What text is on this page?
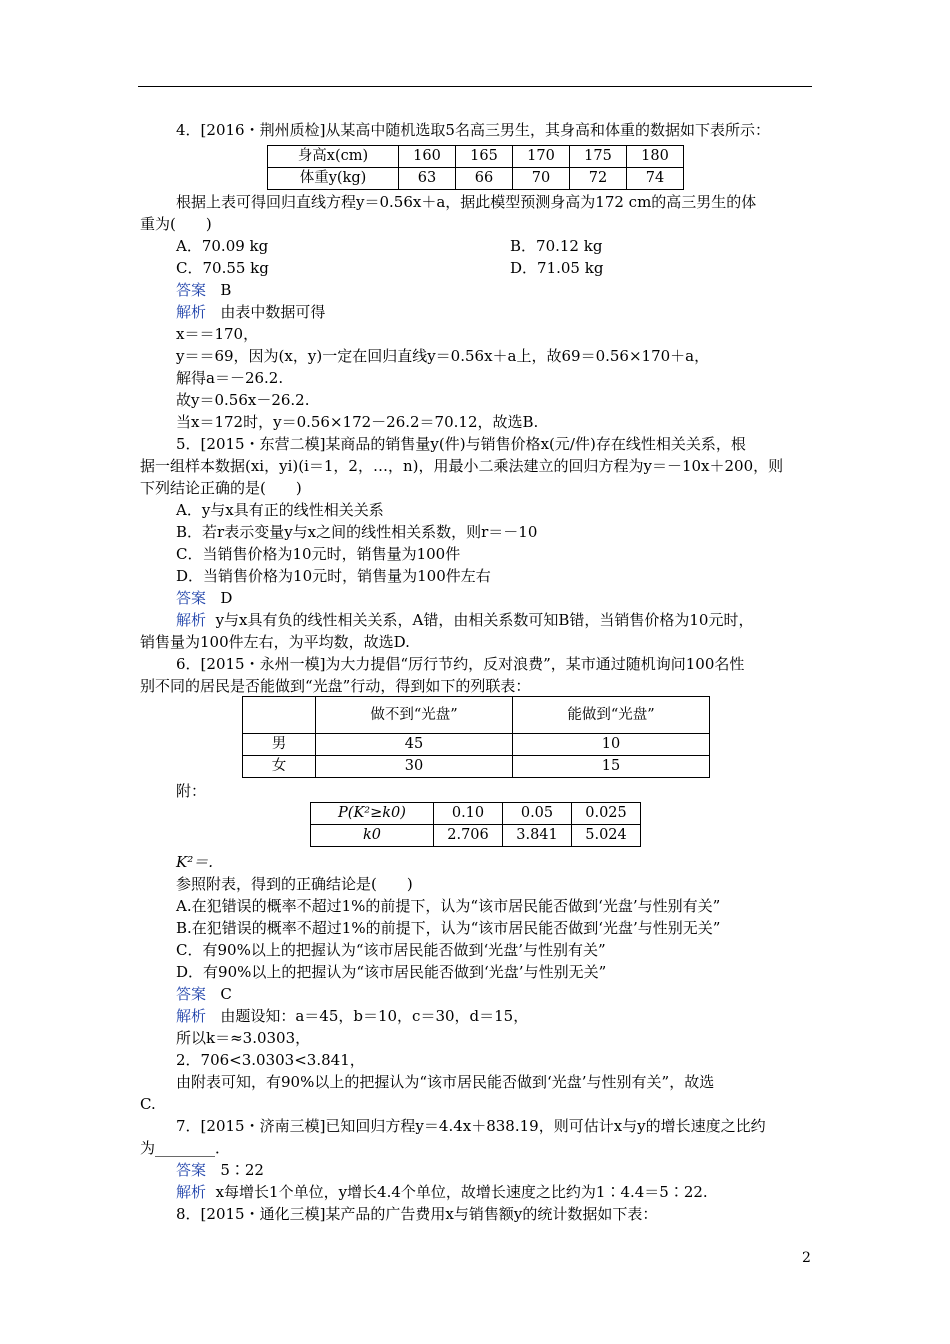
4．[2016・荆州质检]从某高中随机选取5名高三男生，其身高和体重的数据如下表所示：
身高x(cm)	160	165	170	175	180
体重y(kg)	63	66	70	72	74
根据上表可得回归直线方程y＝0.56x＋a，据此模型预测身高为172 cm的高三男生的体
重为(　　)
A．70.09 kg	B．70.12 kg
C．70.55 kg	D．71.05 kg
答案 B
解析 由表中数据可得
x＝＝170，
y＝＝69，因为(x，y)一定在回归直线y＝0.56x＋a上，故69＝0.56×170＋a，
解得a＝－26.2.
故y＝0.56x－26.2.
当x＝172时，y＝0.56×172－26.2＝70.12，故选B.
5．[2015・东营二模]某商品的销售量y(件)与销售价格x(元/件)存在线性相关关系，根
据一组样本数据(xi，yi)(i＝1，2，…，n)，用最小二乘法建立的回归方程为y＝－10x＋200，则
下列结论正确的是(　　)
A．y与x具有正的线性相关关系
B．若r表示变量y与x之间的线性相关系数，则r＝－10
C．当销售价格为10元时，销售量为100件
D．当销售价格为10元时，销售量为100件左右
答案 D
解析 y与x具有负的线性相关关系，A错，由相关系数可知B错，当销售价格为10元时，
销售量为100件左右，为平均数，故选D.
6．[2015・永州一模]为大力提倡“厉行节约，反对浪费”，某市通过随机询问100名性
别不同的居民是否能做到“光盘”行动，得到如下的列联表：
	做不到“光盘”	能做到“光盘”
男	45	10
女	30	15
附：
P(K²≥k0)	0.10	0.05	0.025
k0	2.706	3.841	5.024
K²＝.
参照附表，得到的正确结论是(　　)
A.在犯错误的概率不超过1%的前提下，认为“该市居民能否做到‘光盘’与性别有关”
B.在犯错误的概率不超过1%的前提下，认为“该市居民能否做到‘光盘’与性别无关”
C．有90%以上的把握认为“该市居民能否做到‘光盘’与性别有关”
D．有90%以上的把握认为“该市居民能否做到‘光盘’与性别无关”
答案 C
解析 由题设知：a＝45，b＝10，c＝30，d＝15，
所以k＝≈3.0303，
2．706<3.0303<3.841，
由附表可知，有90%以上的把握认为“该市居民能否做到‘光盘’与性别有关”，故选
C.
7．[2015・济南三模]已知回归方程y＝4.4x＋838.19，则可估计x与y的增长速度之比约
为________．
答案 5∶22
解析 x每增长1个单位，y增长4.4个单位，故增长速度之比约为1∶4.4＝5∶22.
8．[2015・通化三模]某产品的广告费用x与销售额y的统计数据如下表：
2
